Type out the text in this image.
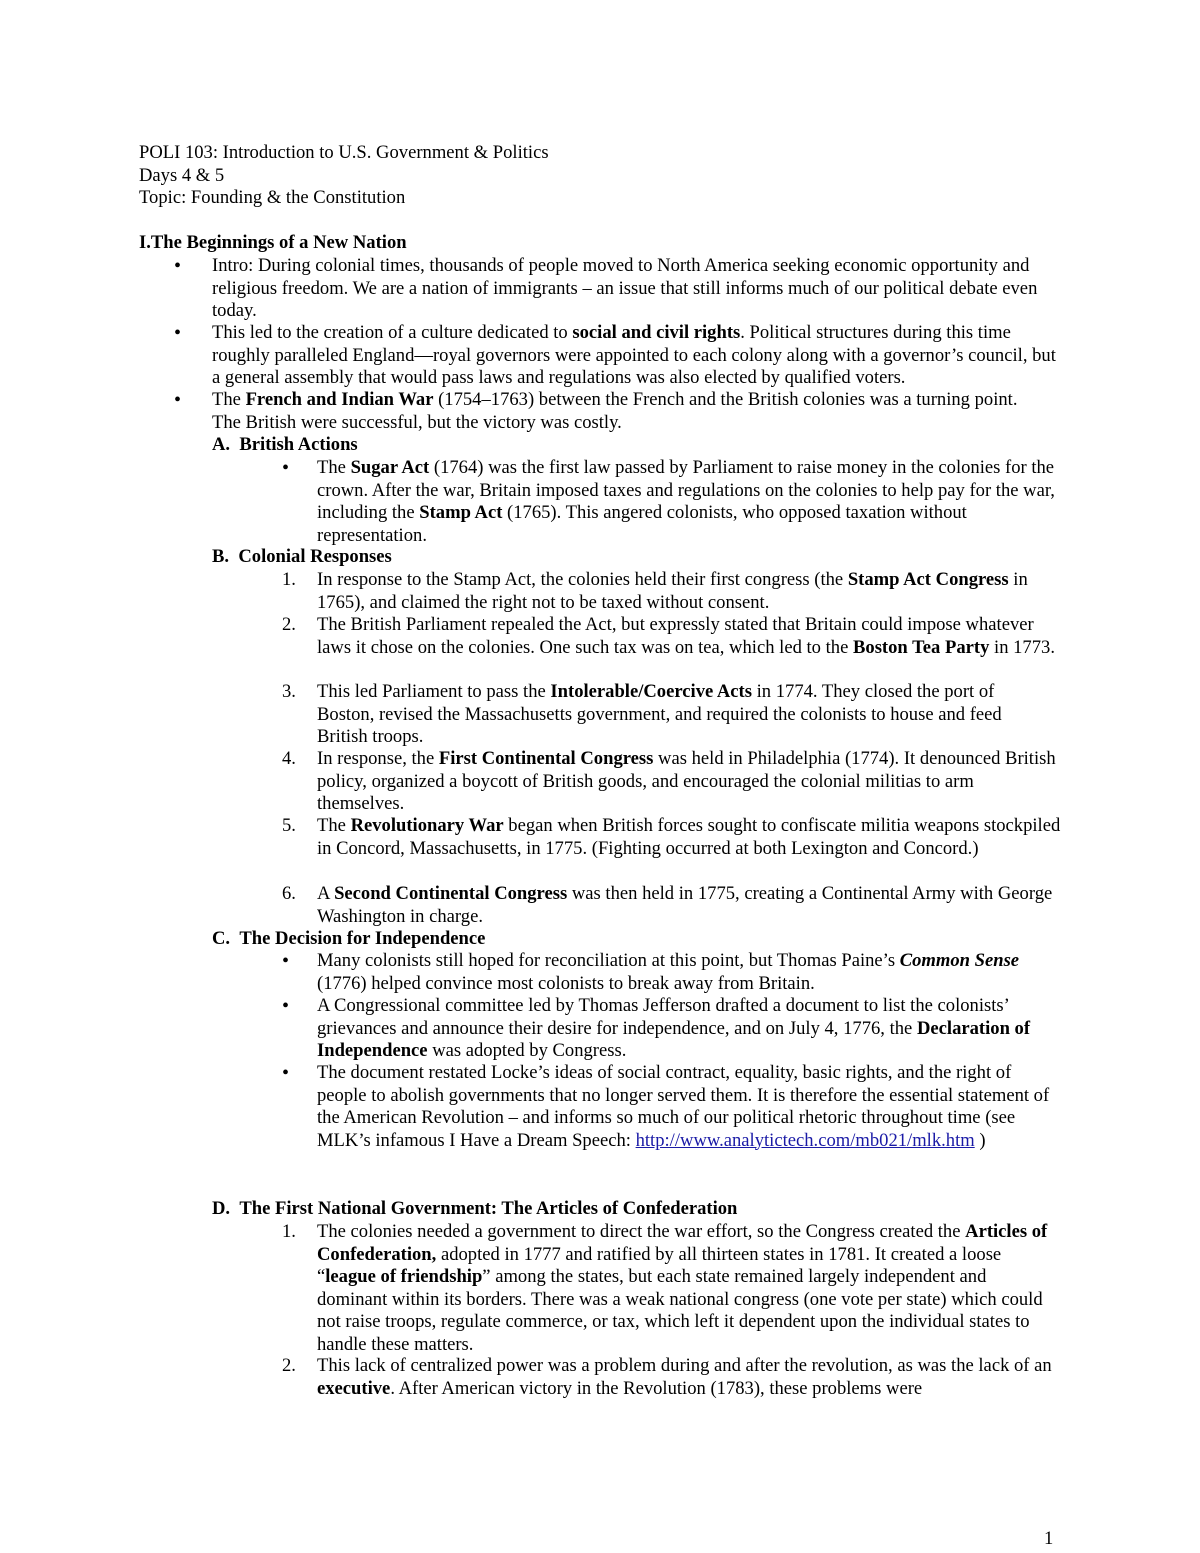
POLI 103: Introduction to U.S. Government & Politics
Days 4 & 5
Topic: Founding & the Constitution
I.The Beginnings of a New Nation
• Intro: During colonial times, thousands of people moved to North America seeking economic opportunity and religious freedom. We are a nation of immigrants – an issue that still informs much of our political debate even today.

• This led to the creation of a culture dedicated to social and civil rights. Political structures during this time roughly paralleled England—royal governors were appointed to each colony along with a governor’s council, but a general assembly that would pass laws and regulations was also elected by qualified voters.

• The French and Indian War (1754–1763) between the French and the British colonies was a turning point. The British were successful, but the victory was costly.

A. British Actions
• The Sugar Act (1764) was the first law passed by Parliament to raise money in the colonies for the crown. After the war, Britain imposed taxes and regulations on the colonies to help pay for the war, including the Stamp Act (1765). This angered colonists, who opposed taxation without representation.

B. Colonial Responses
1. In response to the Stamp Act, the colonies held their first congress (the Stamp Act Congress in 1765), and claimed the right not to be taxed without consent.

2. The British Parliament repealed the Act, but expressly stated that Britain could impose whatever laws it chose on the colonies. One such tax was on tea, which led to the Boston Tea Party in 1773.

3. This led Parliament to pass the Intolerable/Coercive Acts in 1774. They closed the port of Boston, revised the Massachusetts government, and required the colonists to house and feed British troops.

4. In response, the First Continental Congress was held in Philadelphia (1774). It denounced British policy, organized a boycott of British goods, and encouraged the colonial militias to arm themselves.

5. The Revolutionary War began when British forces sought to confiscate militia weapons stockpiled in Concord, Massachusetts, in 1775. (Fighting occurred at both Lexington and Concord.)

6. A Second Continental Congress was then held in 1775, creating a Continental Army with George Washington in charge.

C. The Decision for Independence
• Many colonists still hoped for reconciliation at this point, but Thomas Paine’s Common Sense (1776) helped convince most colonists to break away from Britain.

• A Congressional committee led by Thomas Jefferson drafted a document to list the colonists’ grievances and announce their desire for independence, and on July 4, 1776, the Declaration of Independence was adopted by Congress.

• The document restated Locke’s ideas of social contract, equality, basic rights, and the right of people to abolish governments that no longer served them. It is therefore the essential statement of the American Revolution – and informs so much of our political rhetoric throughout time (see MLK’s infamous I Have a Dream Speech: http://www.analytictech.com/mb021/mlk.htm )

D. The First National Government: The Articles of Confederation
1. The colonies needed a government to direct the war effort, so the Congress created the Articles of Confederation, adopted in 1777 and ratified by all thirteen states in 1781. It created a loose “league of friendship” among the states, but each state remained largely independent and dominant within its borders. There was a weak national congress (one vote per state) which could not raise troops, regulate commerce, or tax, which left it dependent upon the individual states to handle these matters.

2. This lack of centralized power was a problem during and after the revolution, as was the lack of an executive. After American victory in the Revolution (1783), these problems were

1
